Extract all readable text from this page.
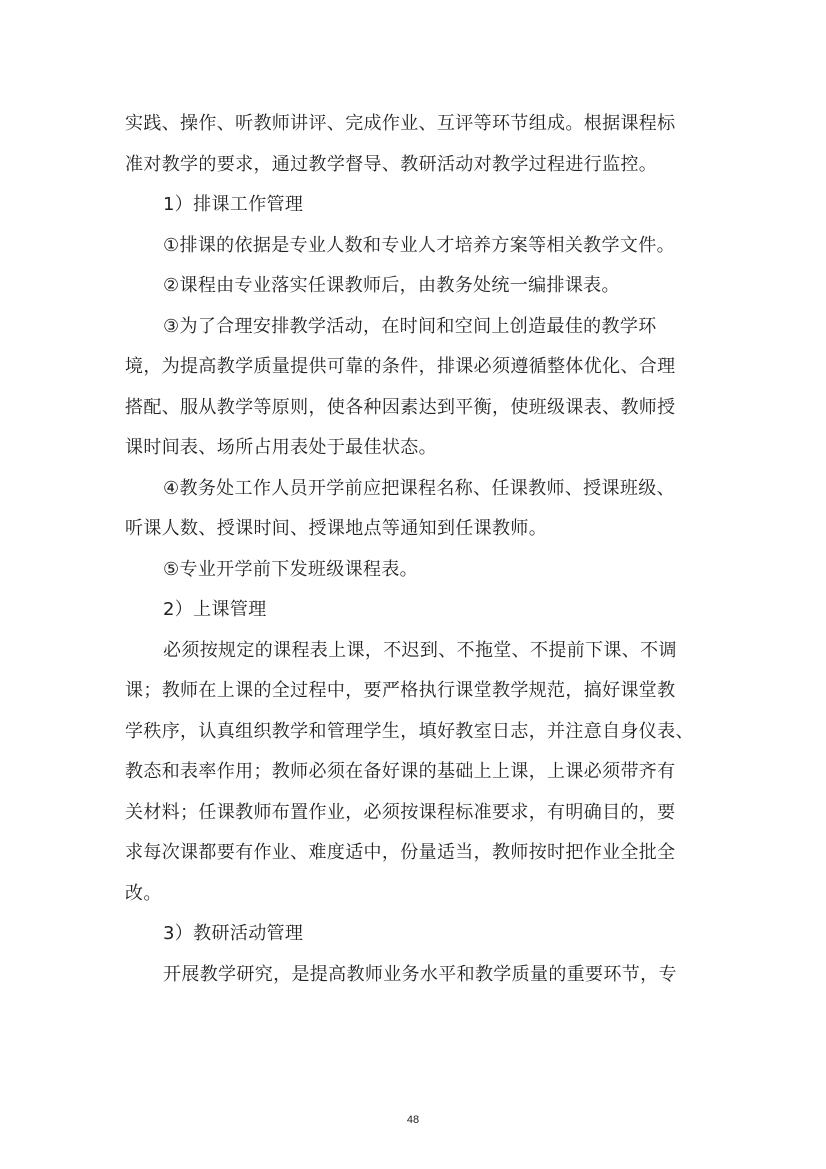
实践、操作、听教师讲评、完成作业、互评等环节组成。根据课程标
准对教学的要求，通过教学督导、教研活动对教学过程进行监控。
1）排课工作管理
①排课的依据是专业人数和专业人才培养方案等相关教学文件。
②课程由专业落实任课教师后，由教务处统一编排课表。
③为了合理安排教学活动，在时间和空间上创造最佳的教学环
境，为提高教学质量提供可靠的条件，排课必须遵循整体优化、合理
搭配、服从教学等原则，使各种因素达到平衡，使班级课表、教师授
课时间表、场所占用表处于最佳状态。
④教务处工作人员开学前应把课程名称、任课教师、授课班级、
听课人数、授课时间、授课地点等通知到任课教师。
⑤专业开学前下发班级课程表。
2）上课管理
必须按规定的课程表上课，不迟到、不拖堂、不提前下课、不调
课；教师在上课的全过程中，要严格执行课堂教学规范，搞好课堂教
学秩序，认真组织教学和管理学生，填好教室日志，并注意自身仪表、
教态和表率作用；教师必须在备好课的基础上上课，上课必须带齐有
关材料；任课教师布置作业，必须按课程标准要求，有明确目的，要
求每次课都要有作业、难度适中，份量适当，教师按时把作业全批全
改。
3）教研活动管理
开展教学研究，是提高教师业务水平和教学质量的重要环节，专
48
